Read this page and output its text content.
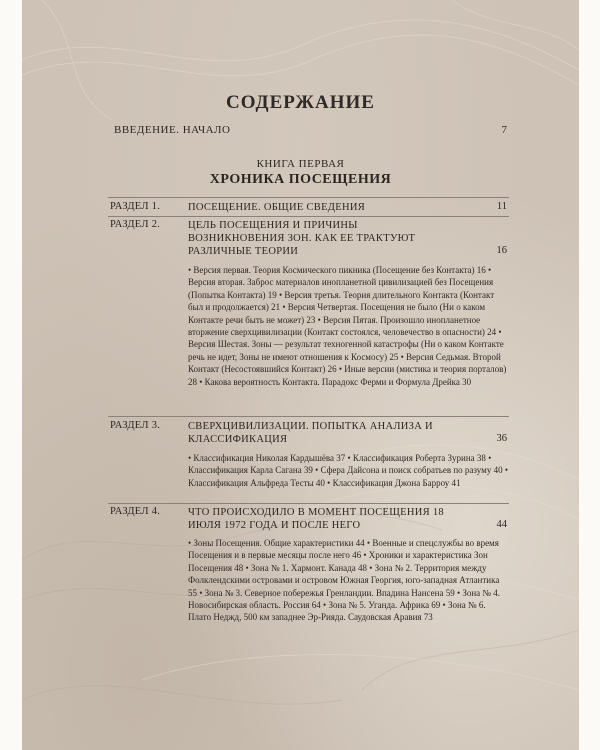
СОДЕРЖАНИЕ
ВВЕДЕНИЕ. НАЧАЛО	7
КНИГА ПЕРВАЯ
ХРОНИКА ПОСЕЩЕНИЯ
РАЗДЕЛ 1.	ПОСЕЩЕНИЕ. ОБЩИЕ СВЕДЕНИЯ	11
РАЗДЕЛ 2.	ЦЕЛЬ ПОСЕЩЕНИЯ И ПРИЧИНЫ ВОЗНИКНОВЕНИЯ ЗОН. КАК ЕЕ ТРАКТУЮТ РАЗЛИЧНЫЕ ТЕОРИИ	16
• Версия первая. Теория Космического пикника (Посещение без Контакта) 16 • Версия вторая. Заброс материалов инопланетной цивилизацией без Посещения (Попытка Контакта) 19 • Версия третья. Теория длительного Контакта (Контакт был и продолжается) 21 • Версия Четвертая. Посещения не было (Ни о каком Контакте речи быть не может) 23 • Версия Пятая. Произошло инопланетное вторжение сверхцивилизации (Контакт состоялся, человечество в опасности) 24 • Версия Шестая. Зоны — результат техногенной катастрофы (Ни о каком Контакте речь не идет, Зоны не имеют отношения к Космосу) 25 • Версия Седьмая. Второй Контакт (Несостоявшийся Контакт) 26 • Иные версии (мистика и теория порталов) 28 • Какова вероятность Контакта. Парадокс Ферми и Формула Дрейка 30
РАЗДЕЛ 3.	СВЕРХЦИВИЛИЗАЦИИ. ПОПЫТКА АНАЛИЗА И КЛАССИФИКАЦИЯ	36
• Классификация Николая Кардышёва 37 • Классификация Роберта Зурина 38 • Классификация Карла Сагана 39 • Сфера Дайсона и поиск собратьев по разуму 40 • Классификация Альфреда Тесты 40 • Классификация Джона Барроу 41
РАЗДЕЛ 4.	ЧТО ПРОИСХОДИЛО В МОМЕНТ ПОСЕЩЕНИЯ 18 ИЮЛЯ 1972 ГОДА И ПОСЛЕ НЕГО	44
• Зоны Посещения. Общие характеристики 44 • Военные и спецслужбы во время Посещения и в первые месяцы после него 46 • Хроники и характеристика Зон Посещения 48 • Зона № 1. Хармонт. Канада 48 • Зона № 2. Территория между Фолклендскими островами и островом Южная Георгия, юго-западная Атлантика 55 • Зона № 3. Северное побережья Гренландии. Впадина Нансена 59 • Зона № 4. Новосибирская область. Россия 64 • Зона № 5. Уганда. Африка 69 • Зона № 6. Плато Неджд, 500 км западнее Эр-Рияда. Саудовская Аравия 73
